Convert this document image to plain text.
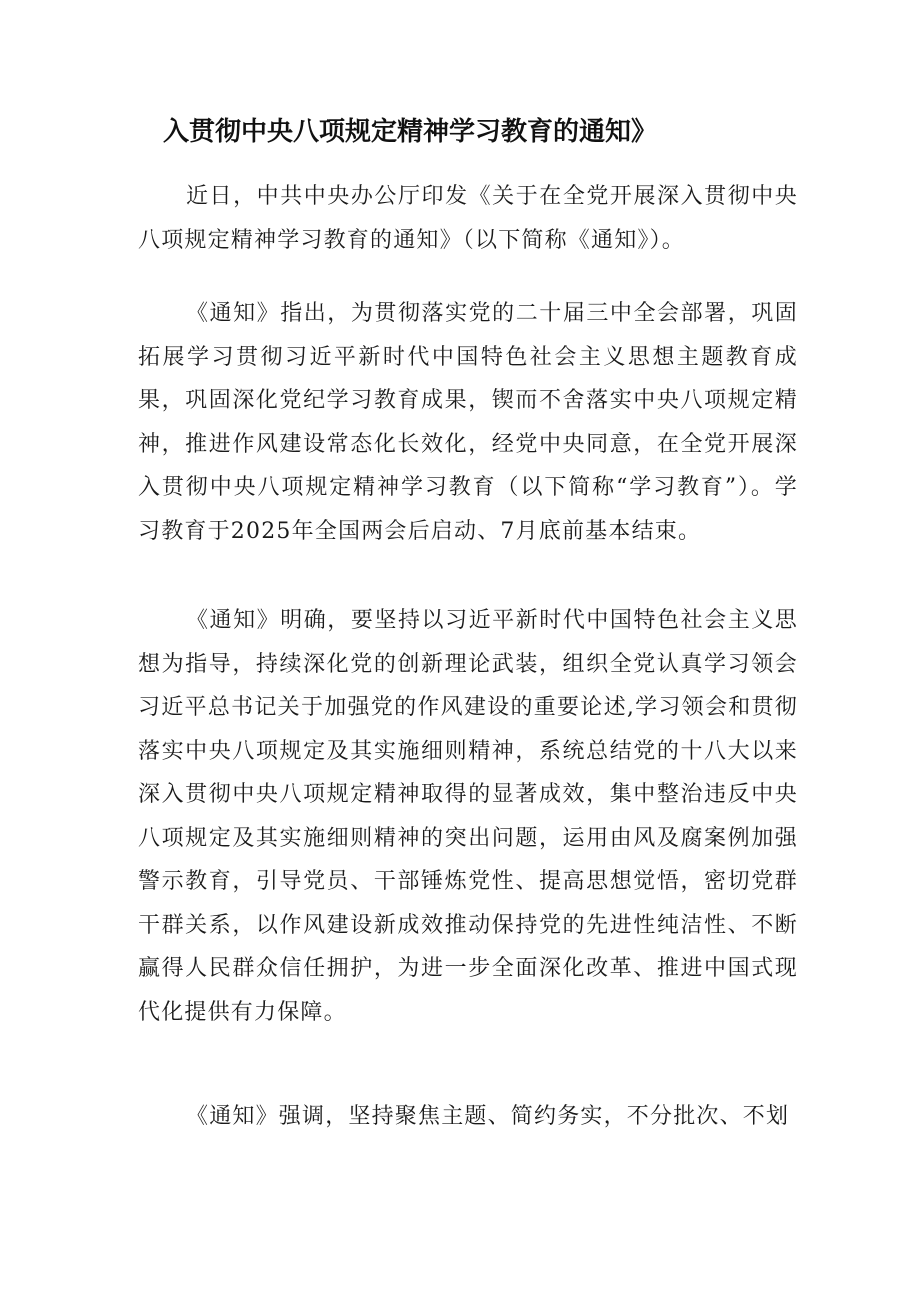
入贯彻中央八项规定精神学习教育的通知》

近日，中共中央办公厅印发《关于在全党开展深入贯彻中央八项规定精神学习教育的通知》（以下简称《通知》）。

《通知》指出，为贯彻落实党的二十届三中全会部署，巩固拓展学习贯彻习近平新时代中国特色社会主义思想主题教育成果，巩固深化党纪学习教育成果，锲而不舍落实中央八项规定精神，推进作风建设常态化长效化，经党中央同意，在全党开展深入贯彻中央八项规定精神学习教育（以下简称“学习教育”）。学习教育于2025年全国两会后启动、7月底前基本结束。

《通知》明确，要坚持以习近平新时代中国特色社会主义思想为指导，持续深化党的创新理论武装，组织全党认真学习领会习近平总书记关于加强党的作风建设的重要论述,学习领会和贯彻落实中央八项规定及其实施细则精神，系统总结党的十八大以来深入贯彻中央八项规定精神取得的显著成效，集中整治违反中央八项规定及其实施细则精神的突出问题，运用由风及腐案例加强警示教育，引导党员、干部锤炼党性、提高思想觉悟，密切党群干群关系，以作风建设新成效推动保持党的先进性纯洁性、不断赢得人民群众信任拥护，为进一步全面深化改革、推进中国式现代化提供有力保障。

《通知》强调，坚持聚焦主题、简约务实，不分批次、不划
